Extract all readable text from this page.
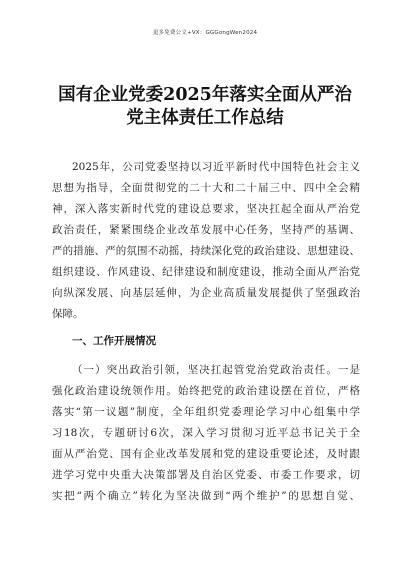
更多免费公文+VX：GGGongWen2024
国有企业党委2025年落实全面从严治
党主体责任工作总结
2025年，公司党委坚持以习近平新时代中国特色社会主义
思想为指导，全面贯彻党的二十大和二十届三中、四中全会精
神，深入落实新时代党的建设总要求，坚决扛起全面从严治党
政治责任，紧紧围绕企业改革发展中心任务，坚持严的基调、
严的措施、严的氛围不动摇，持续深化党的政治建设、思想建设、
组织建设、作风建设、纪律建设和制度建设，推动全面从严治党
向纵深发展、向基层延伸，为企业高质量发展提供了坚强政治
保障。
一、工作开展情况
（一）突出政治引领，坚决扛起管党治党政治责任。一是
强化政治建设统领作用。始终把党的政治建设摆在首位，严格
落实“第一议题”制度，全年组织党委理论学习中心组集中学
习18次，专题研讨6次，深入学习贯彻习近平总书记关于全
面从严治党、国有企业改革发展和党的建设重要论述，及时跟
进学习党中央重大决策部署及自治区党委、市委工作要求，切
实把“两个确立”转化为坚决做到“两个维护”的思想自觉、
